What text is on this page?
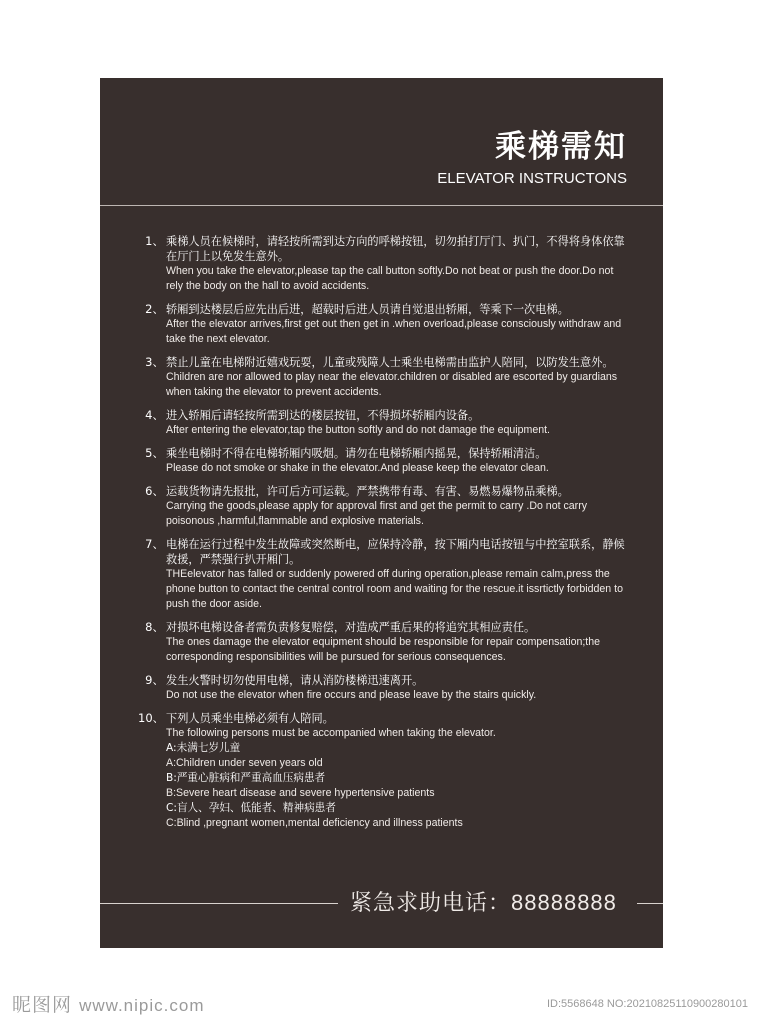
乘梯需知
ELEVATOR INSTRUCTONS
1、 乘梯人员在候梯时，请轻按所需到达方向的呼梯按钮，切勿拍打厅门、扒门，不得将身体依靠在厅门上以免发生意外。
When you take the elevator,please tap the call button softly.Do not beat or push the door.Do not rely the body on the hall to avoid accidents.
2、 轿厢到达楼层后应先出后进，超载时后进人员请自觉退出轿厢，等乘下一次电梯。
After the elevator arrives,first get out then get in .when overload,please consciously withdraw and take the next elevator.
3、 禁止儿童在电梯附近嬉戏玩耍，儿童或残障人士乘坐电梯需由监护人陪同，以防发生意外。
Children are nor allowed to play near the elevator.children or disabled are escorted by guardians when taking the elevator to prevent accidents.
4、 进入轿厢后请轻按所需到达的楼层按钮，不得损坏轿厢内设备。
After entering the elevator,tap the button softly and do not damage the equipment.
5、 乘坐电梯时不得在电梯轿厢内吸烟。请勿在电梯轿厢内摇晃，保持轿厢清洁。
Please do not smoke or shake in the elevator.And please keep the elevator clean.
6、 运载货物请先报批，许可后方可运载。严禁携带有毒、有害、易燃易爆物品乘梯。
Carrying the goods,please apply for approval first and get the permit to carry .Do not carry poisonous ,harmful,flammable and explosive materials.
7、 电梯在运行过程中发生故障或突然断电，应保持冷静，按下厢内电话按钮与中控室联系，静候救援，严禁强行扒开厢门。
THEelevator has falled or suddenly powered off during operation,please remain calm,press the phone button to contact the central control room and waiting for the rescue.it issrtictly forbidden to push the door aside.
8、 对损坏电梯设备者需负责修复赔偿，对造成严重后果的将追究其相应责任。
The ones damage the elevator equipment should be responsible for repair compensation;the corresponding responsibilities will be pursued for serious consequences.
9、 发生火警时切勿使用电梯，请从消防楼梯迅速离开。
Do not use the elevator when fire occurs and please leave by the stairs quickly.
10、 下列人员乘坐电梯必须有人陪同。
The following persons must be accompanied when taking the elevator.
A:未满七岁儿童
A:Children under seven years old
B:严重心脏病和严重高血压病患者
B:Severe heart disease and severe hypertensive patients
C:盲人、孕妇、低能者、精神病患者
C:Blind ,pregnant women,mental deficiency and illness patients
紧急求助电话：88888888
昵图网 www.nipic.com	ID:5568648 NO:20210825110900280101
